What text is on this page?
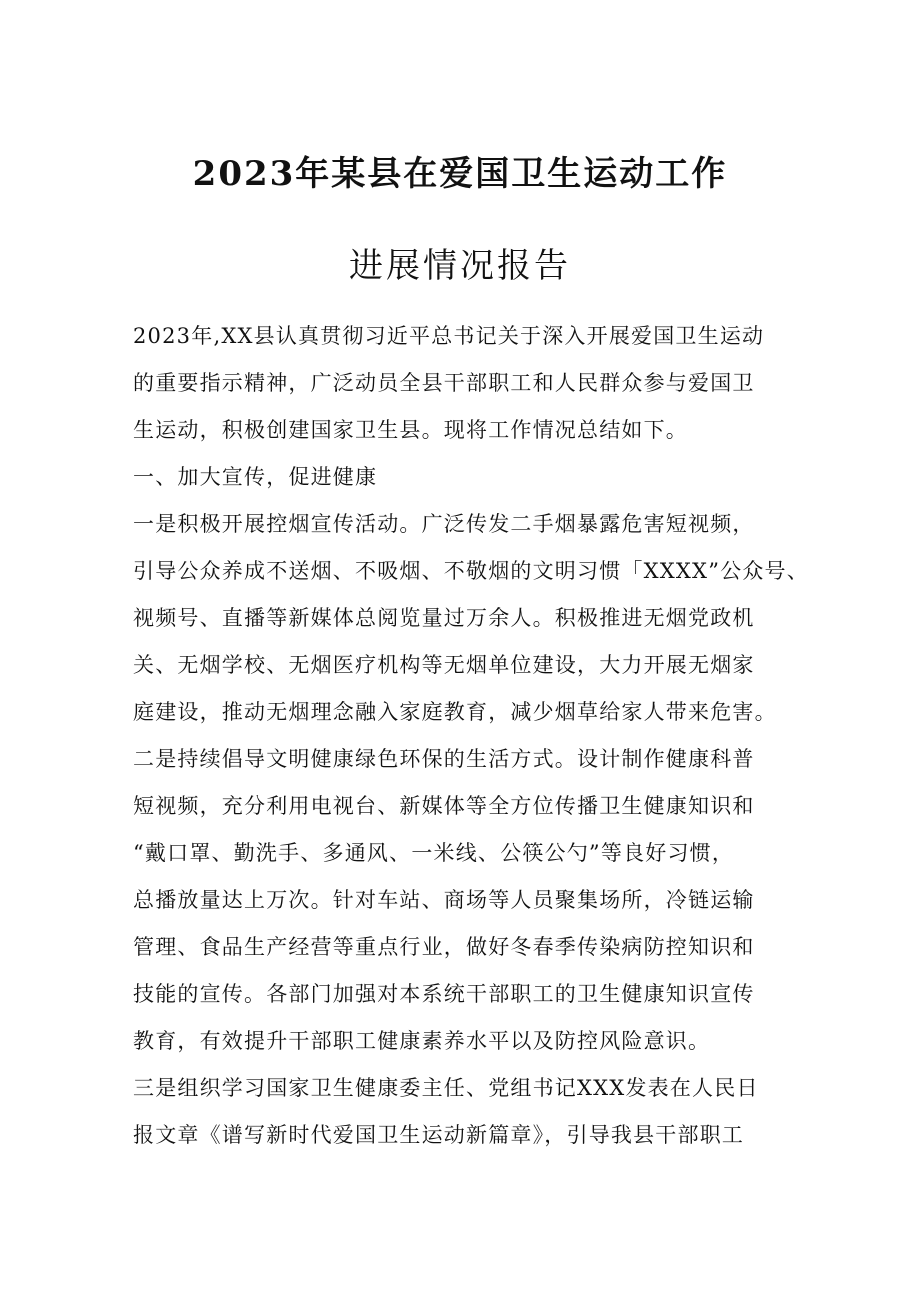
2023年某县在爱国卫生运动工作
进展情况报告
2023年,XX县认真贯彻习近平总书记关于深入开展爱国卫生运动
的重要指示精神，广泛动员全县干部职工和人民群众参与爱国卫
生运动，积极创建国家卫生县。现将工作情况总结如下。
一、加大宣传，促进健康
一是积极开展控烟宣传活动。广泛传发二手烟暴露危害短视频，
引导公众养成不送烟、不吸烟、不敬烟的文明习惯「XXXX”公众号、
视频号、直播等新媒体总阅览量过万余人。积极推进无烟党政机
关、无烟学校、无烟医疗机构等无烟单位建设，大力开展无烟家
庭建设，推动无烟理念融入家庭教育，减少烟草给家人带来危害。
二是持续倡导文明健康绿色环保的生活方式。设计制作健康科普
短视频，充分利用电视台、新媒体等全方位传播卫生健康知识和
“戴口罩、勤洗手、多通风、一米线、公筷公勺”等良好习惯，
总播放量达上万次。针对车站、商场等人员聚集场所，冷链运输
管理、食品生产经营等重点行业，做好冬春季传染病防控知识和
技能的宣传。各部门加强对本系统干部职工的卫生健康知识宣传
教育，有效提升干部职工健康素养水平以及防控风险意识。
三是组织学习国家卫生健康委主任、党组书记XXX发表在人民日
报文章《谱写新时代爱国卫生运动新篇章》，引导我县干部职工
